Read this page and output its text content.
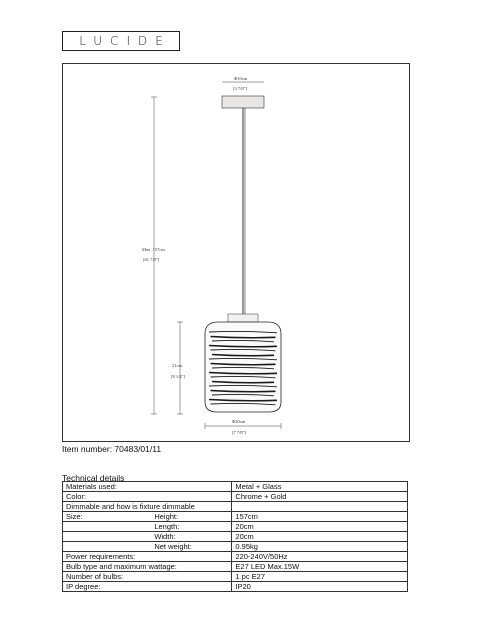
LUCIDE
Φ10cm
[3 7/8"]
Max. 157cm
[61 7/8"]
21cm
[8 1/4"]
Φ20cm
[7 7/8"]
Item number: 70483/01/11
Technical details
Materials used:		Metal + Glass
Color:		Chrome + Gold
Dimmable and how is fixture dimmable		
Size:	Height:	157cm
	Length:	20cm
	Width:	20cm
	Net weight:	0.95kg
Power requirements:		220-240V/50Hz
Bulb type and maximum wattage:		E27 LED Max.15W
Number of bulbs:		1 pc E27
IP degree:		IP20
